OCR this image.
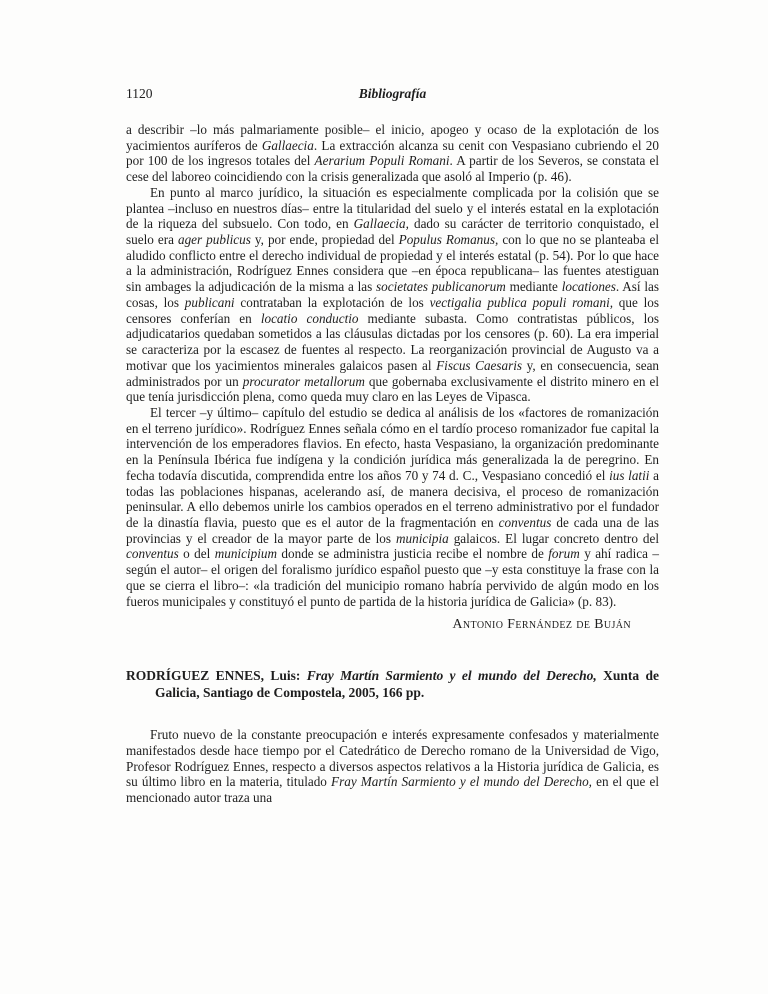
1120	Bibliografía

a describir –lo más palmariamente posible– el inicio, apogeo y ocaso de la explotación de los yacimientos auríferos de Gallaecia. La extracción alcanza su cenit con Vespasiano cubriendo el 20 por 100 de los ingresos totales del Aerarium Populi Romani. A partir de los Severos, se constata el cese del laboreo coincidiendo con la crisis generalizada que asoló al Imperio (p. 46).

En punto al marco jurídico, la situación es especialmente complicada por la colisión que se plantea –incluso en nuestros días– entre la titularidad del suelo y el interés estatal en la explotación de la riqueza del subsuelo. Con todo, en Gallaecia, dado su carácter de territorio conquistado, el suelo era ager publicus y, por ende, propiedad del Populus Romanus, con lo que no se planteaba el aludido conflicto entre el derecho individual de propiedad y el interés estatal (p. 54). Por lo que hace a la administración, Rodríguez Ennes considera que –en época republicana– las fuentes atestiguan sin ambages la adjudicación de la misma a las societates publicanorum mediante locationes. Así las cosas, los publicani contrataban la explotación de los vectigalia publica populi romani, que los censores conferían en locatio conductio mediante subasta. Como contratistas públicos, los adjudicatarios quedaban sometidos a las cláusulas dictadas por los censores (p. 60). La era imperial se caracteriza por la escasez de fuentes al respecto. La reorganización provincial de Augusto va a motivar que los yacimientos minerales galaicos pasen al Fiscus Caesaris y, en consecuencia, sean administrados por un procurator metallorum que gobernaba exclusivamente el distrito minero en el que tenía jurisdicción plena, como queda muy claro en las Leyes de Vipasca.

El tercer –y último– capítulo del estudio se dedica al análisis de los «factores de romanización en el terreno jurídico». Rodríguez Ennes señala cómo en el tardío proceso romanizador fue capital la intervención de los emperadores flavios. En efecto, hasta Vespasiano, la organización predominante en la Península Ibérica fue indígena y la condición jurídica más generalizada la de peregrino. En fecha todavía discutida, comprendida entre los años 70 y 74 d. C., Vespasiano concedió el ius latii a todas las poblaciones hispanas, acelerando así, de manera decisiva, el proceso de romanización peninsular. A ello debemos unirle los cambios operados en el terreno administrativo por el fundador de la dinastía flavia, puesto que es el autor de la fragmentación en conventus de cada una de las provincias y el creador de la mayor parte de los municipia galaicos. El lugar concreto dentro del conventus o del municipium donde se administra justicia recibe el nombre de forum y ahí radica –según el autor– el origen del foralismo jurídico español puesto que –y esta constituye la frase con la que se cierra el libro–: «la tradición del municipio romano habría pervivido de algún modo en los fueros municipales y constituyó el punto de partida de la historia jurídica de Galicia» (p. 83).

Antonio Fernández de Buján
RODRÍGUEZ ENNES, Luis: Fray Martín Sarmiento y el mundo del Derecho, Xunta de Galicia, Santiago de Compostela, 2005, 166 pp.

Fruto nuevo de la constante preocupación e interés expresamente confesados y materialmente manifestados desde hace tiempo por el Catedrático de Derecho romano de la Universidad de Vigo, Profesor Rodríguez Ennes, respecto a diversos aspectos relativos a la Historia jurídica de Galicia, es su último libro en la materia, titulado Fray Martín Sarmiento y el mundo del Derecho, en el que el mencionado autor traza una
